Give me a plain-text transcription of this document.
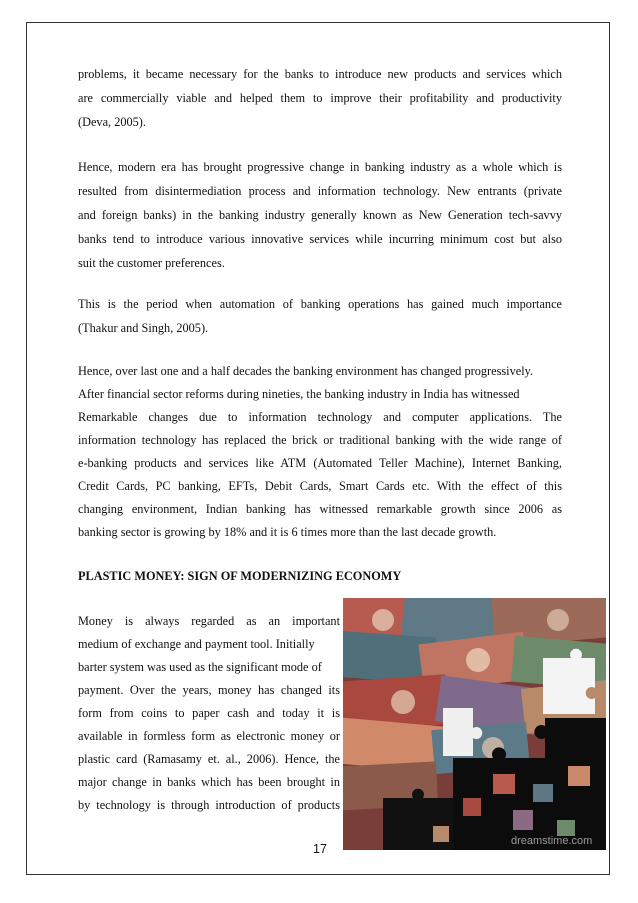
problems, it became necessary for the banks to introduce new products and services which
are commercially viable and helped them to improve their profitability and productivity
(Deva, 2005).
Hence, modern era has brought progressive change in banking industry as a whole which is
resulted from disintermediation process and information technology. New entrants (private
and foreign banks) in the banking industry generally known as New Generation tech-savvy
banks tend to introduce various innovative services while incurring minimum cost but also
suit the customer preferences.
This is the period when automation of banking operations has gained much importance
(Thakur and Singh, 2005).
Hence, over last one and a half decades the banking environment has changed progressively.
After financial sector reforms during nineties, the banking industry in India has witnessed
Remarkable changes due to information technology and computer applications. The
information technology has replaced the brick or traditional banking with the wide range of
e-banking products and services like ATM (Automated Teller Machine), Internet Banking,
Credit Cards, PC banking, EFTs, Debit Cards, Smart Cards etc. With the effect of this
changing environment, Indian banking has witnessed remarkable growth since 2006 as
banking sector is growing by 18% and it is 6 times more than the last decade growth.
PLASTIC MONEY: SIGN OF MODERNIZING ECONOMY
Money is always regarded as an important
medium of exchange and payment tool. Initially
barter system was used as the significant mode of
payment. Over the years, money has changed its
form from coins to paper cash and today it is
available in formless form as electronic money or
plastic card (Ramasamy et. al., 2006). Hence, the
major change in banks which has been brought in
by technology is through introduction of products
dreamstime.com
17
